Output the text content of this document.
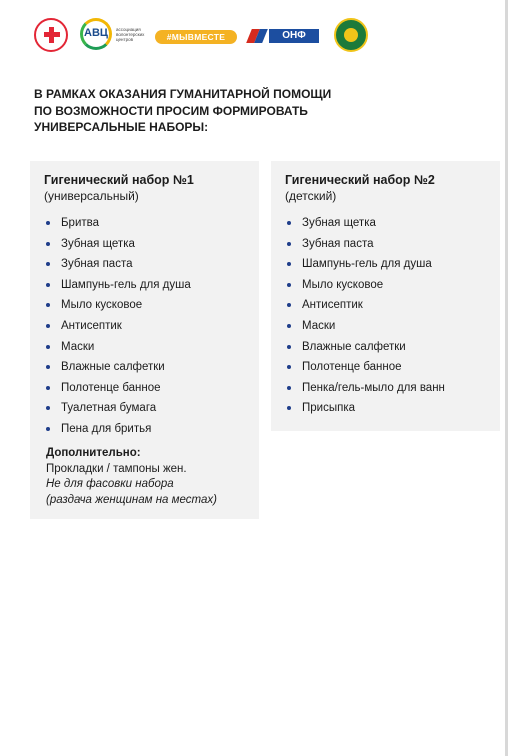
АВЦ ассоциация волонтерских центров	#МЫВМЕСТЕ	ОНФ
В РАМКАХ ОКАЗАНИЯ ГУМАНИТАРНОЙ ПОМОЩИ
ПО ВОЗМОЖНОСТИ ПРОСИМ ФОРМИРОВАТЬ
УНИВЕРСАЛЬНЫЕ НАБОРЫ:
Гигенический набор №1
(универсальный)
Бритва
Зубная щетка
Зубная паста
Шампунь-гель для душа
Мыло кусковое
Антисептик
Маски
Влажные салфетки
Полотенце банное
Туалетная бумага
Пена для бритья
Дополнительно:
Прокладки / тампоны жен.
Не для фасовки набора
(раздача женщинам на местах)
Гигенический набор №2
(детский)
Зубная щетка
Зубная паста
Шампунь-гель для душа
Мыло кусковое
Антисептик
Маски
Влажные салфетки
Полотенце банное
Пенка/гель-мыло для ванн
Присыпка
